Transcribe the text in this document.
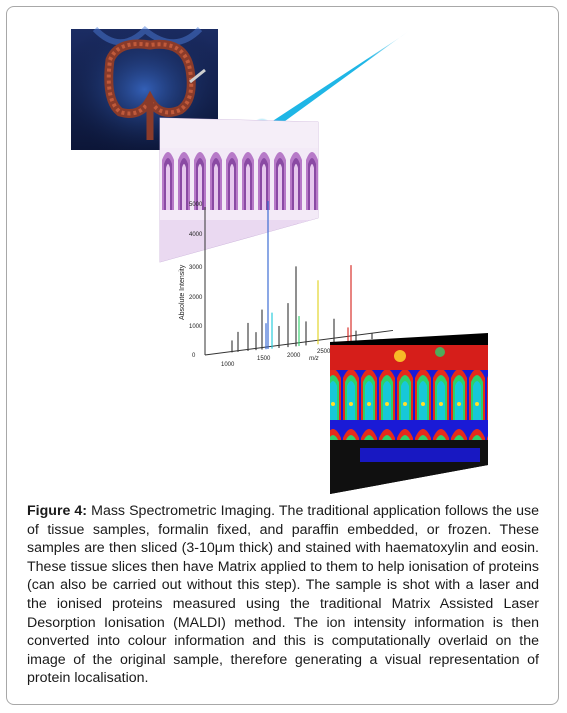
Absolute Intensity
0
1000
2000
3000
4000
5000
1000
1500	2000
2500
m/z
Figure 4: Mass Spectrometric Imaging. The traditional application follows the use of tissue samples, formalin fixed, and paraffin embedded, or frozen. These samples are then sliced (3-10μm thick) and stained with haematoxylin and eosin. These tissue slices then have Matrix applied to them to help ionisation of proteins (can also be carried out without this step). The sample is shot with a laser and the ionised proteins measured using the traditional Matrix Assisted Laser Desorption Ionisation (MALDI) method. The ion intensity information is then converted into colour information and this is computationally overlaid on the image of the original sample, therefore generating a visual representation of protein localisation.
